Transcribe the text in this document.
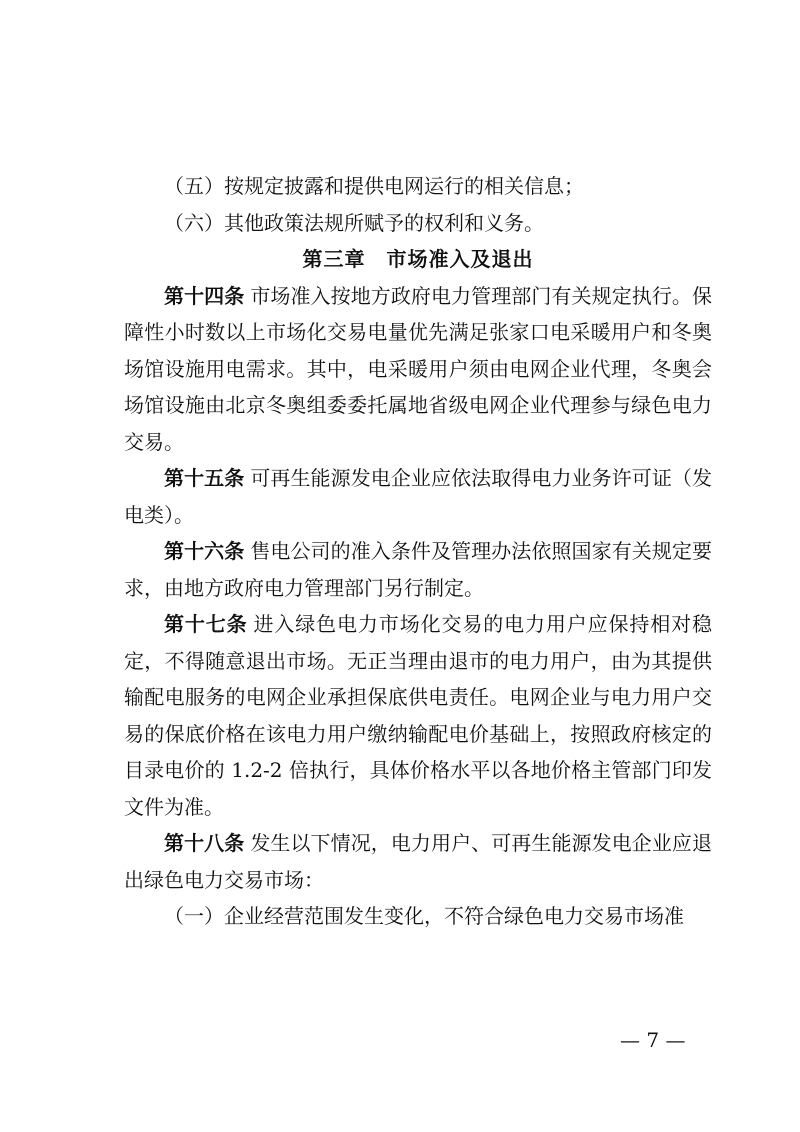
（五）按规定披露和提供电网运行的相关信息；

（六）其他政策法规所赋予的权利和义务。

第三章　市场准入及退出

第十四条 市场准入按地方政府电力管理部门有关规定执行。保障性小时数以上市场化交易电量优先满足张家口电采暖用户和冬奥场馆设施用电需求。其中，电采暖用户须由电网企业代理，冬奥会场馆设施由北京冬奥组委委托属地省级电网企业代理参与绿色电力交易。

第十五条 可再生能源发电企业应依法取得电力业务许可证（发电类）。

第十六条 售电公司的准入条件及管理办法依照国家有关规定要求，由地方政府电力管理部门另行制定。

第十七条 进入绿色电力市场化交易的电力用户应保持相对稳定，不得随意退出市场。无正当理由退市的电力用户，由为其提供输配电服务的电网企业承担保底供电责任。电网企业与电力用户交易的保底价格在该电力用户缴纳输配电价基础上，按照政府核定的目录电价的 1.2-2 倍执行，具体价格水平以各地价格主管部门印发文件为准。

第十八条 发生以下情况，电力用户、可再生能源发电企业应退出绿色电力交易市场：

（一）企业经营范围发生变化，不符合绿色电力交易市场准

— 7 —
